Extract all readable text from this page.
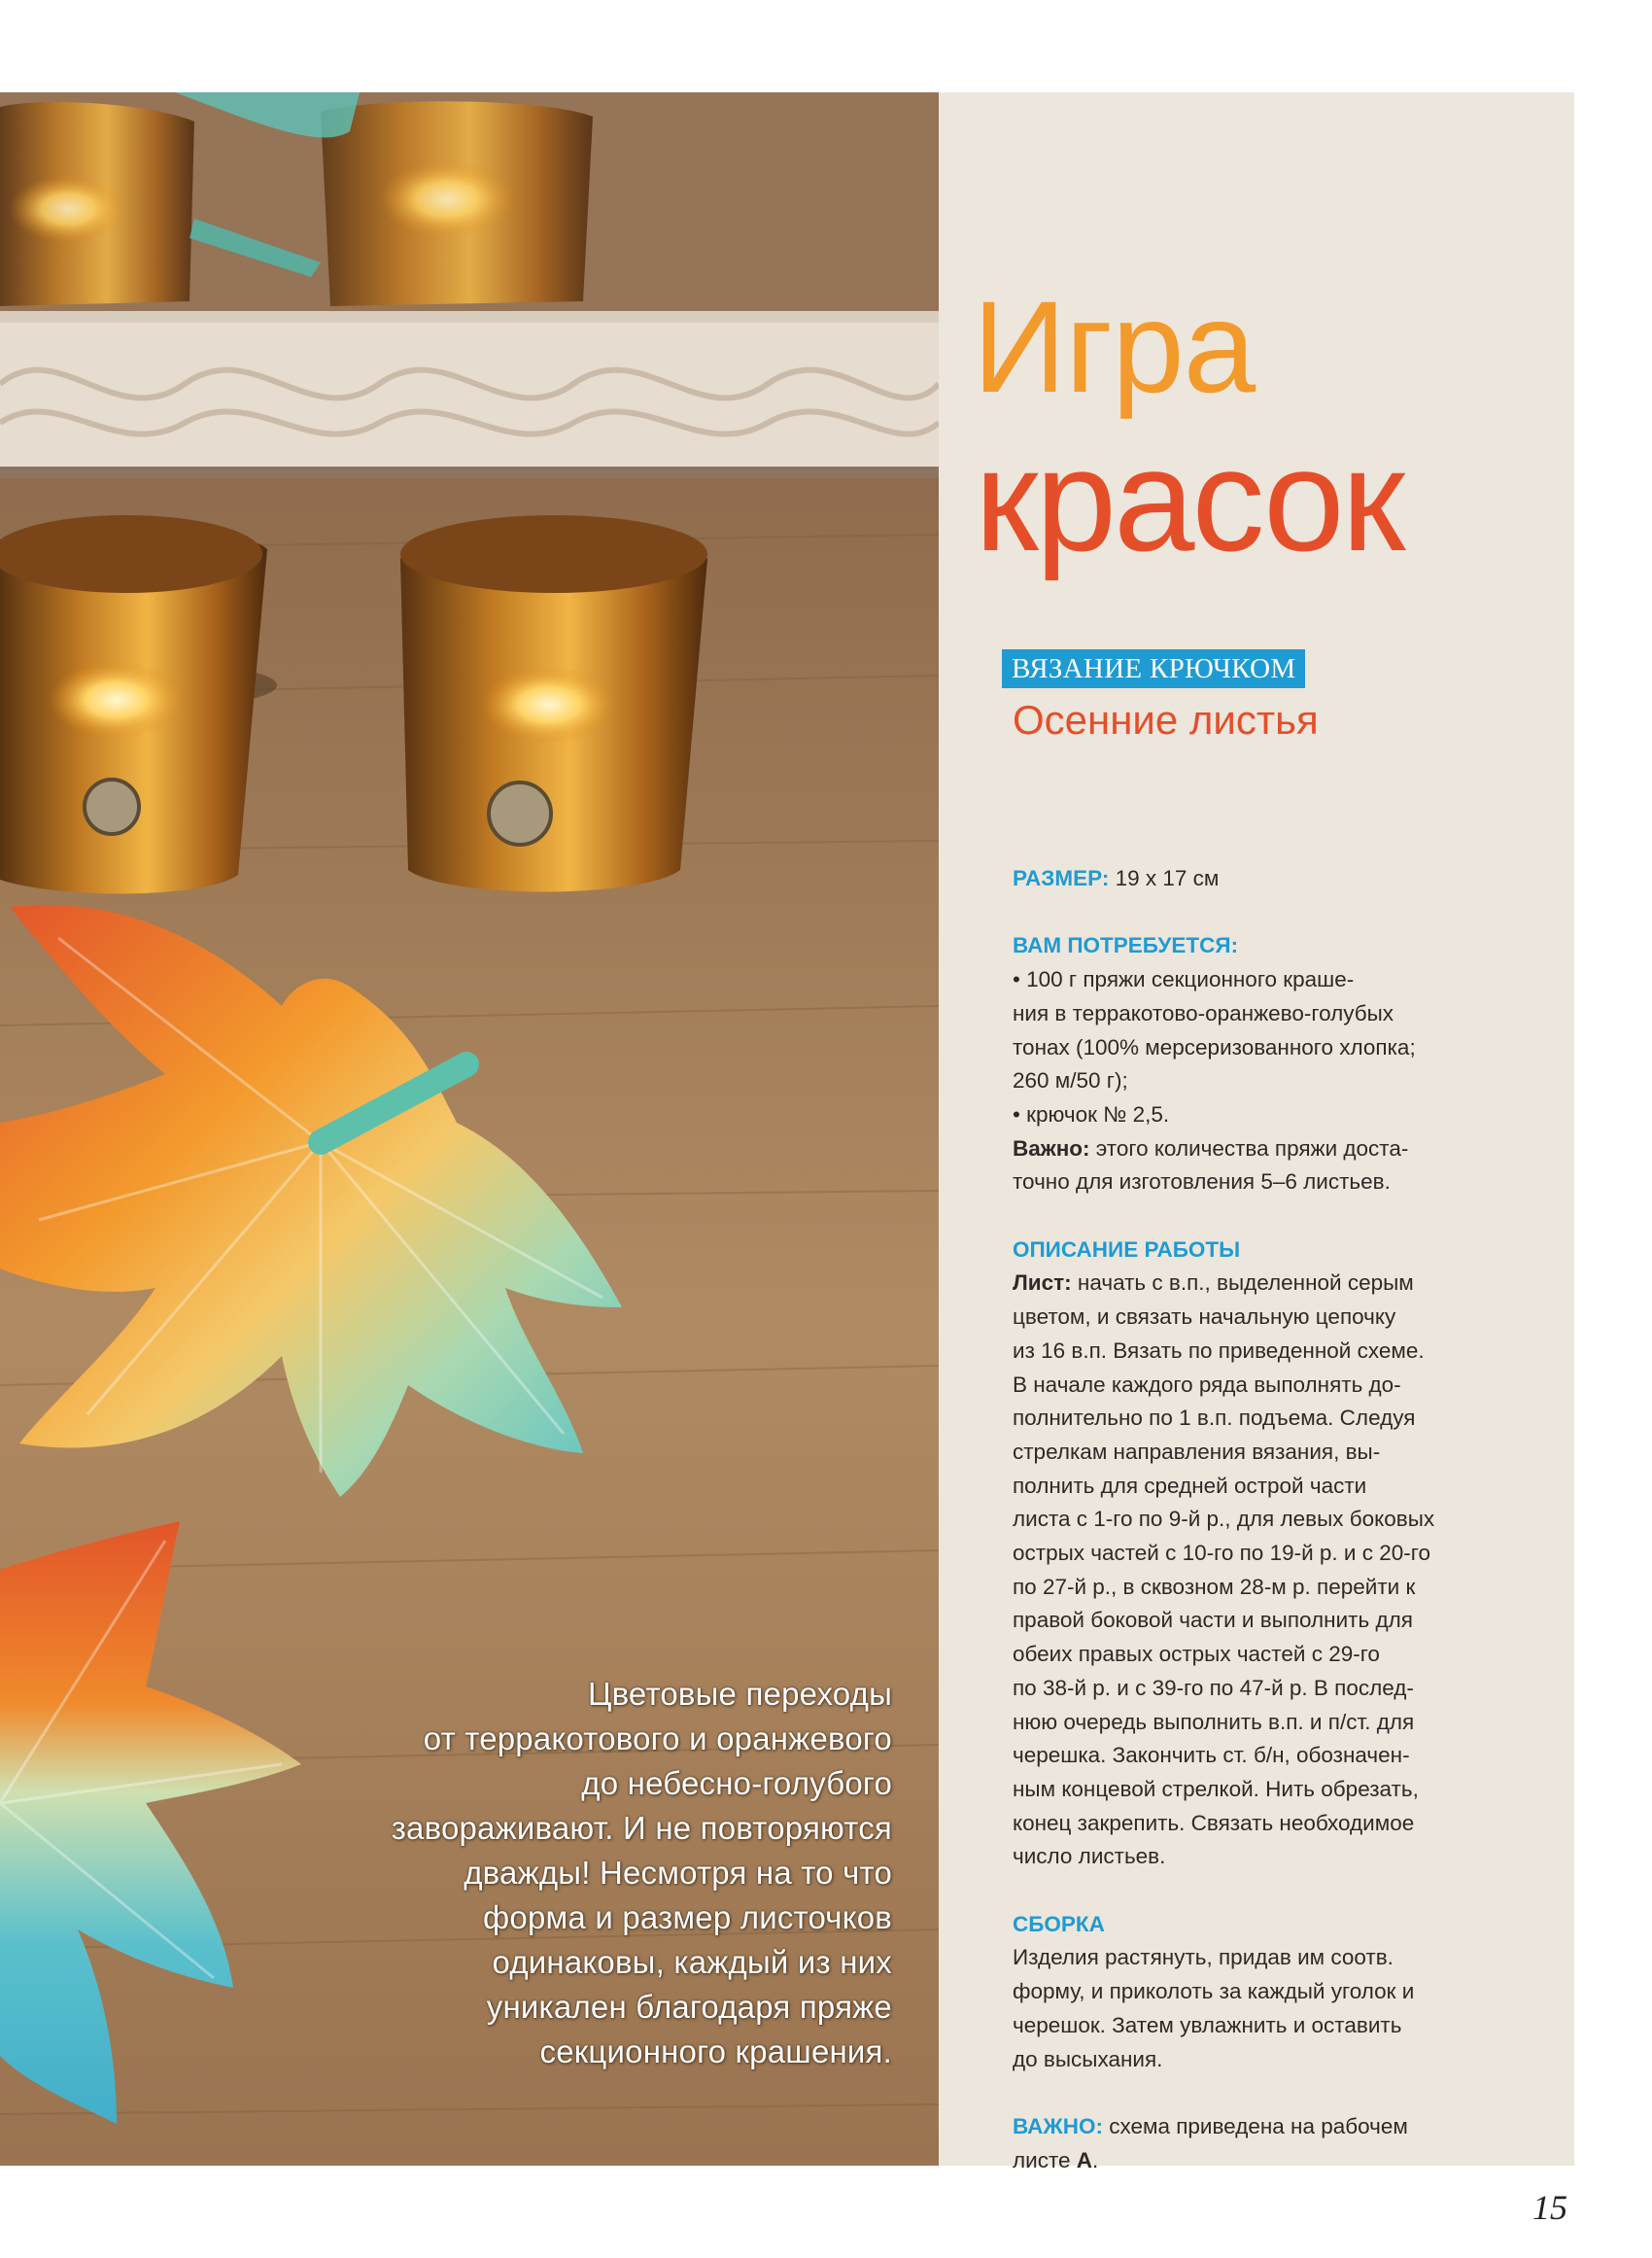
Цветовые переходы
от терракотового и оранжевого
до небесно-голубого
завораживают. И не повторяются
дважды! Несмотря на то что
форма и размер листочков
одинаковы, каждый из них
уникален благодаря пряже
секционного крашения.
Игра
красок
ВЯЗАНИЕ КРЮЧКОМ
Осенние листья

РАЗМЕР: 19 х 17 см

ВАМ ПОТРЕБУЕТСЯ:

• 100 г пряжи секционного краше-

ния в терракотово-оранжево-голубых

тонах (100% мерсеризованного хлопка;

260 м/50 г);

• крючок № 2,5.

Важно: этого количества пряжи доста-

точно для изготовления 5–6 листьев.

ОПИСАНИЕ РАБОТЫ

Лист: начать с в.п., выделенной серым

цветом, и связать начальную цепочку

из 16 в.п. Вязать по приведенной схеме.

В начале каждого ряда выполнять до-

полнительно по 1 в.п. подъема. Следуя

стрелкам направления вязания, вы-

полнить для средней острой части

листа с 1-го по 9-й р., для левых боковых

острых частей с 10-го по 19-й р. и с 20-го

по 27-й р., в сквозном 28-м р. перейти к

правой боковой части и выполнить для

обеих правых острых частей с 29-го

по 38-й р. и с 39-го по 47-й р. В послед-

нюю очередь выполнить в.п. и п/ст. для

черешка. Закончить ст. б/н, обозначен-

ным концевой стрелкой. Нить обрезать,

конец закрепить. Связать необходимое

число листьев.

СБОРКА

Изделия растянуть, придав им соотв.

форму, и приколоть за каждый уголок и

черешок. Затем увлажнить и оставить

до высыхания.

ВАЖНО: схема приведена на рабочем

листе А.

15
